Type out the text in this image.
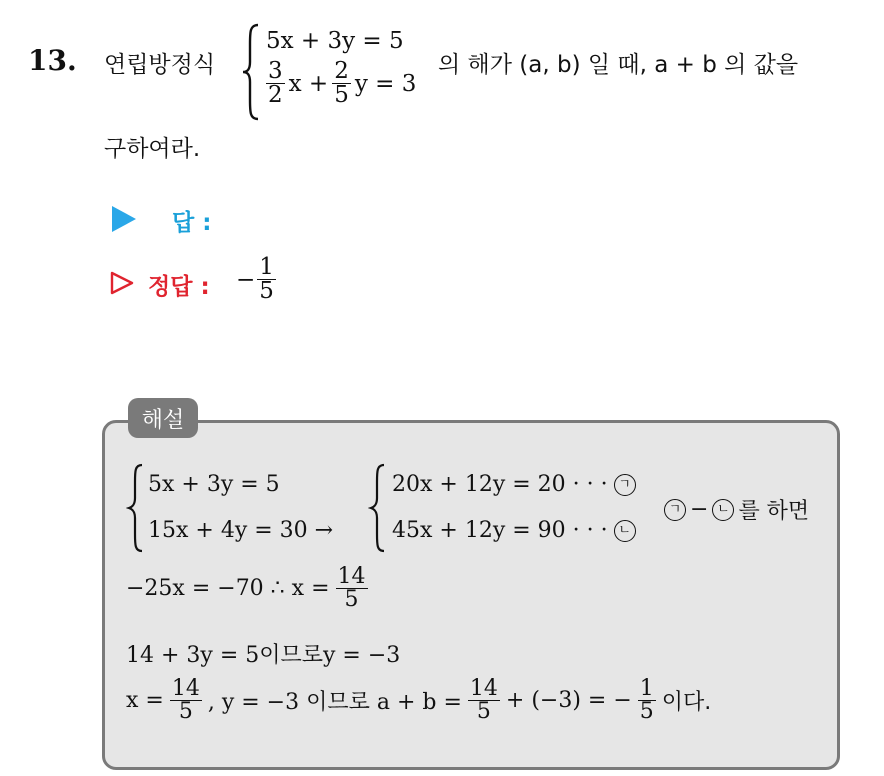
13. 연립방정식
5x + 3y = 5
$\frac{3}{2}$ $x + \frac{2}{5}$ y = 3
의 해가 (a, b) 일 때, a + b 의 값을
구하여라.
답 :
정답 : − $\frac{1}{5}$
해설
5x + 3y = 5
15x + 4y = 30 →
20x + 12y = 20 · · · ㄱ
45x + 12y = 90 · · · ㄴ
ㄱ − ㄴ 를 하면
−25x = −70 ∴ $x = \frac{14}{5}$
14 + 3y = 5이므로y = −3
$x = \frac{14}{5}$ , y = −3 이므로 $a + b = \frac{14}{5} + (-3)$ = − $\frac{1}{5}$ 이다.
